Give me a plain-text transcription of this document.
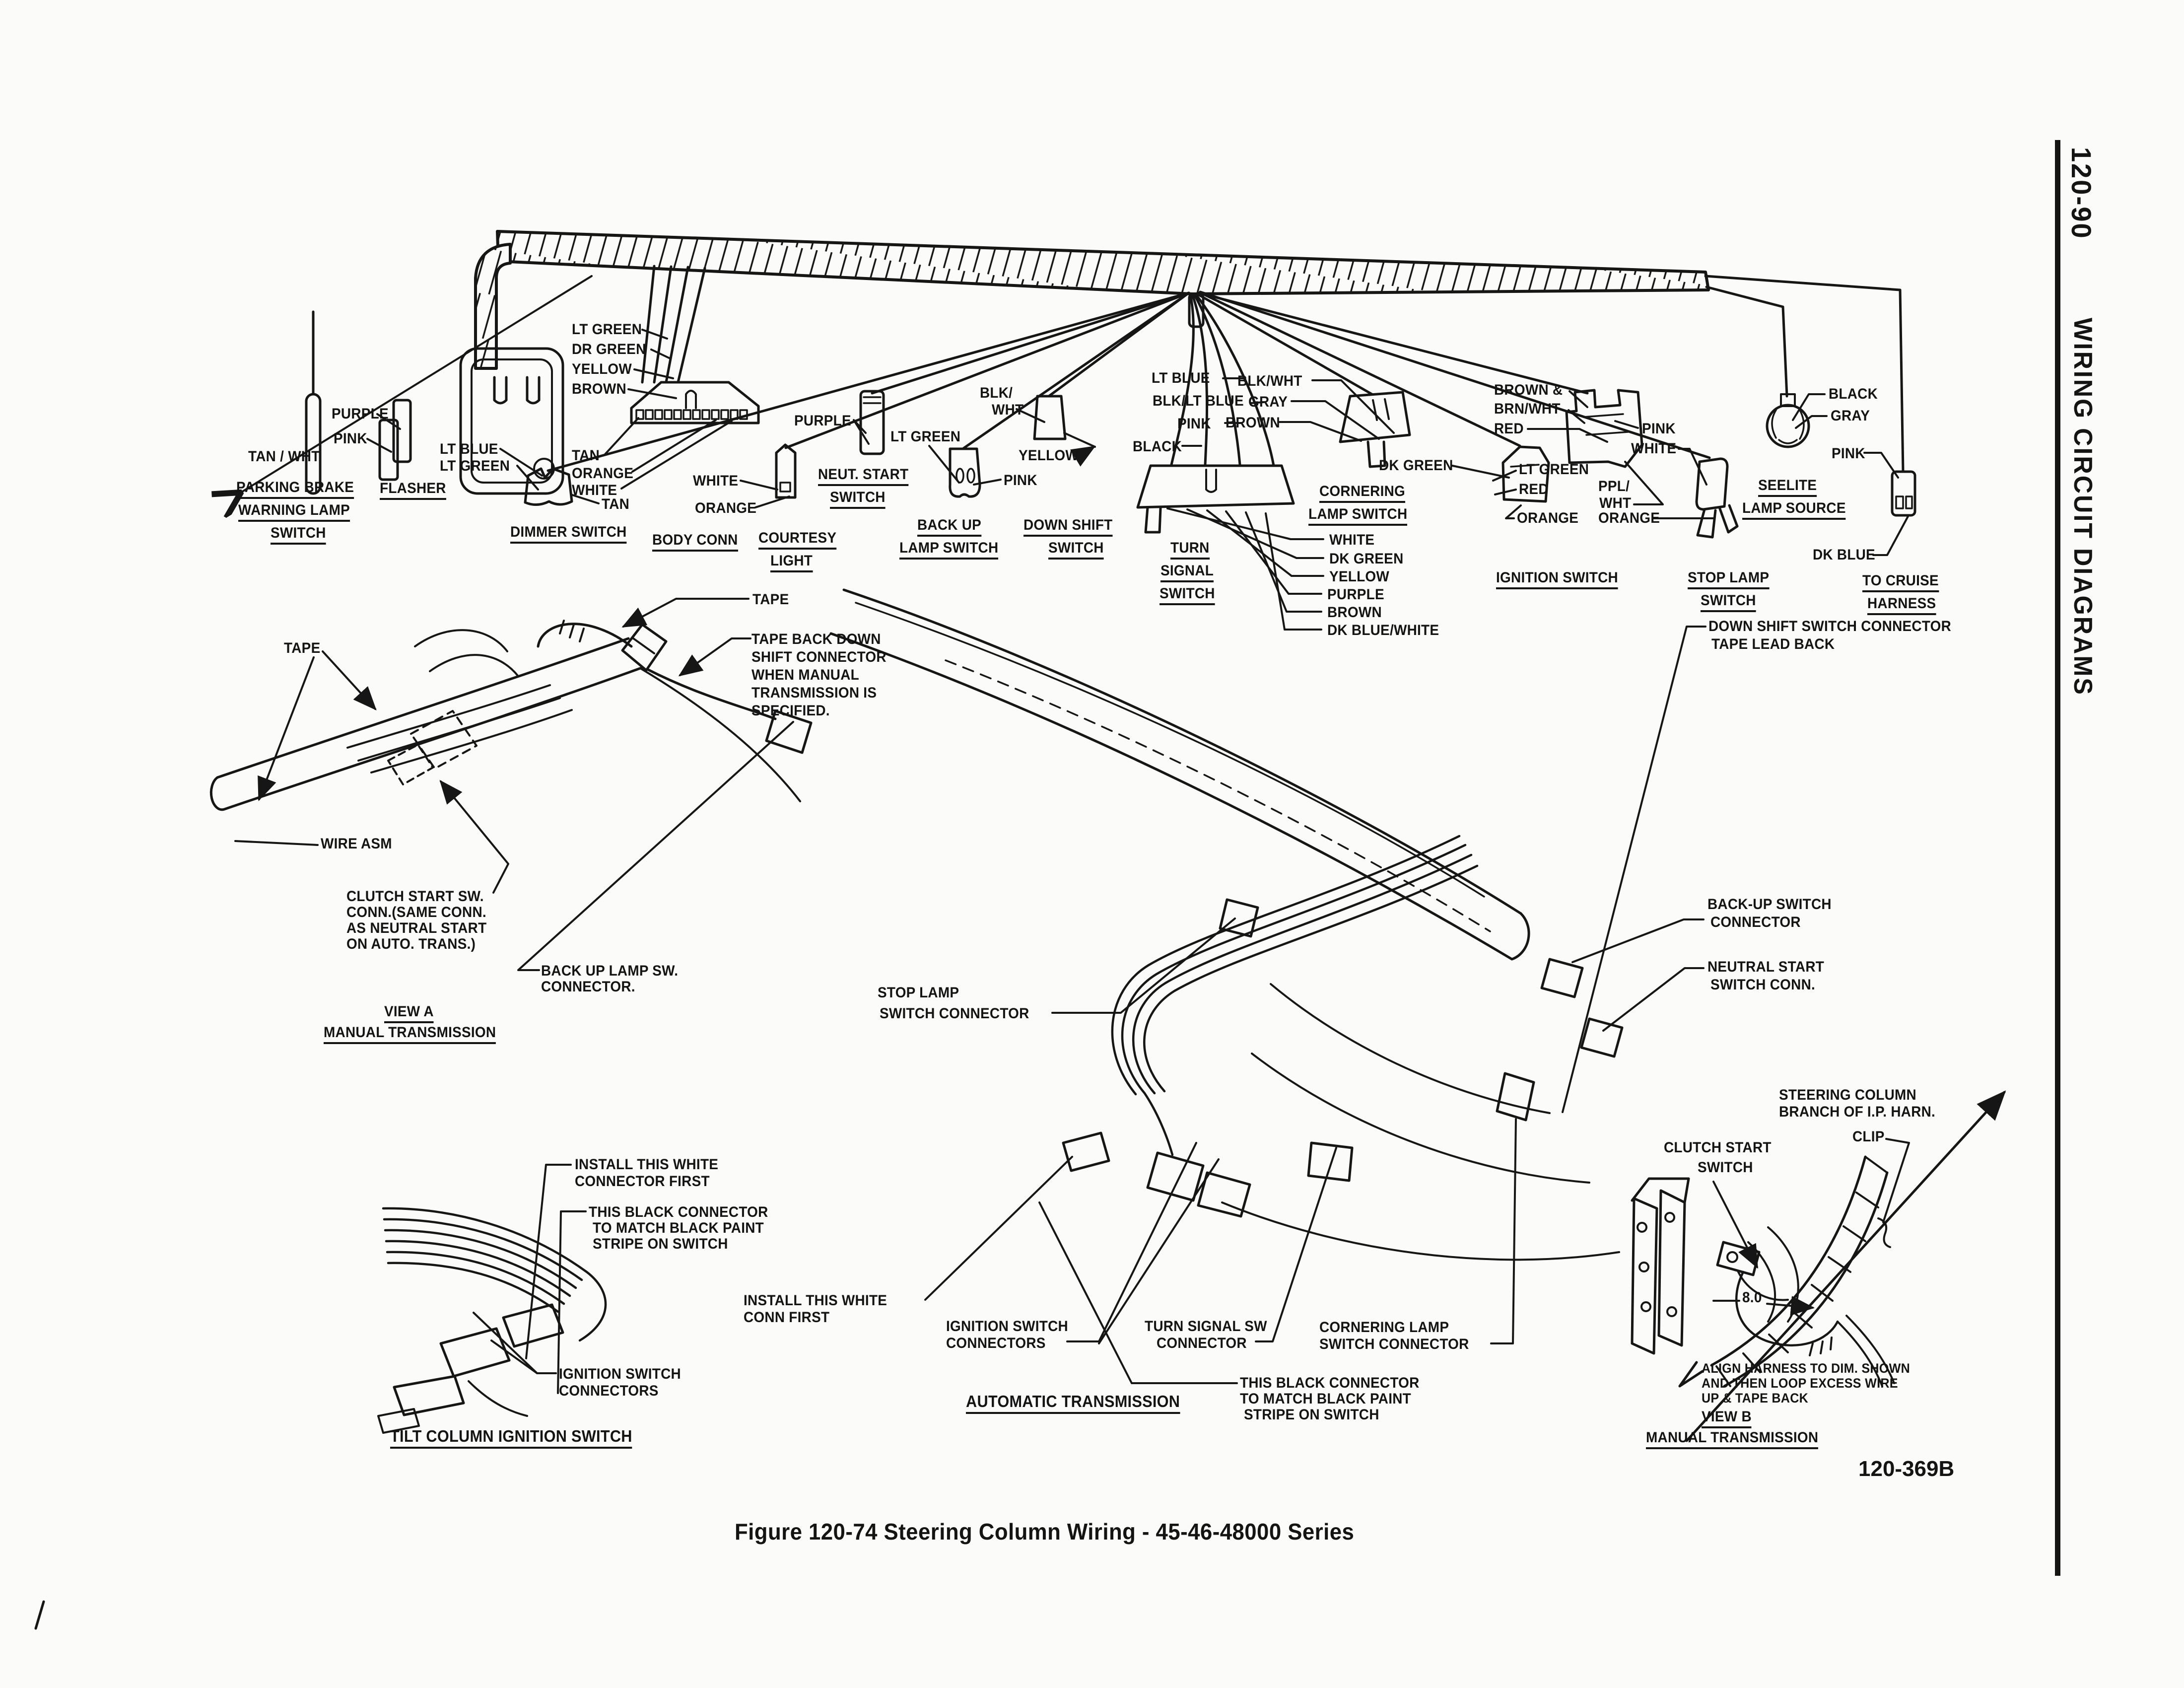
120-90
WIRING CIRCUIT DIAGRAMS
Figure 120-74 Steering Column Wiring - 45-46-48000 Series
120-369B
TAN / WHT
PARKING BRAKE
WARNING LAMP
SWITCH
PURPLE
PINK
FLASHER
LT BLUE
LT GREEN
TAN
DIMMER SWITCH
LT GREEN
DR GREEN
YELLOW
BROWN
TAN
ORANGE
WHITE
BODY CONN
WHITE
ORANGE
COURTESY
LIGHT
PURPLE
NEUT. START
SWITCH
LT GREEN
PINK
BACK UP
LAMP SWITCH
BLK/
WHT
YELLOW
DOWN SHIFT
SWITCH
LT BLUE
BLK/LT BLUE
PINK
BLACK
TURN
SIGNAL
SWITCH
WHITE
DK GREEN
YELLOW
PURPLE
BROWN
DK BLUE/WHITE
BLK/WHT
GRAY
BROWN
CORNERING
LAMP SWITCH
BROWN &
BRN/WHT
RED	PINK
DK GREEN	LT GREEN
RED
ORANGE
PPL/
WHT
IGNITION SWITCH
WHITE
ORANGE
STOP LAMP
SWITCH
BLACK
GRAY
SEELITE
LAMP SOURCE
PINK
DK BLUE
TO CRUISE
HARNESS
TAPE
TAPE BACK DOWN
SHIFT CONNECTOR
WHEN MANUAL
TRANSMISSION IS
SPECIFIED.
TAPE
WIRE ASM
CLUTCH START SW.
CONN.(SAME CONN.
AS NEUTRAL START
ON AUTO. TRANS.)
BACK UP LAMP SW.
CONNECTOR.
VIEW A
MANUAL TRANSMISSION
DOWN SHIFT SWITCH CONNECTOR
TAPE LEAD BACK
BACK-UP SWITCH
CONNECTOR
NEUTRAL START
SWITCH CONN.
STOP LAMP
SWITCH CONNECTOR
INSTALL THIS WHITE
CONN FIRST
IGNITION SWITCH
CONNECTORS
TURN SIGNAL SW
CONNECTOR
CORNERING LAMP
SWITCH CONNECTOR
THIS BLACK CONNECTOR
TO MATCH BLACK PAINT
STRIPE ON SWITCH
AUTOMATIC TRANSMISSION
INSTALL THIS WHITE
CONNECTOR FIRST
THIS BLACK CONNECTOR
TO MATCH BLACK PAINT
STRIPE ON SWITCH
IGNITION SWITCH
CONNECTORS
TILT COLUMN IGNITION SWITCH
STEERING COLUMN
BRANCH OF I.P. HARN.
CLIP
CLUTCH START
SWITCH
8.0
ALIGN HARNESS TO DIM. SHOWN
AND THEN LOOP EXCESS WIRE
UP & TAPE BACK
VIEW B
MANUAL TRANSMISSION
